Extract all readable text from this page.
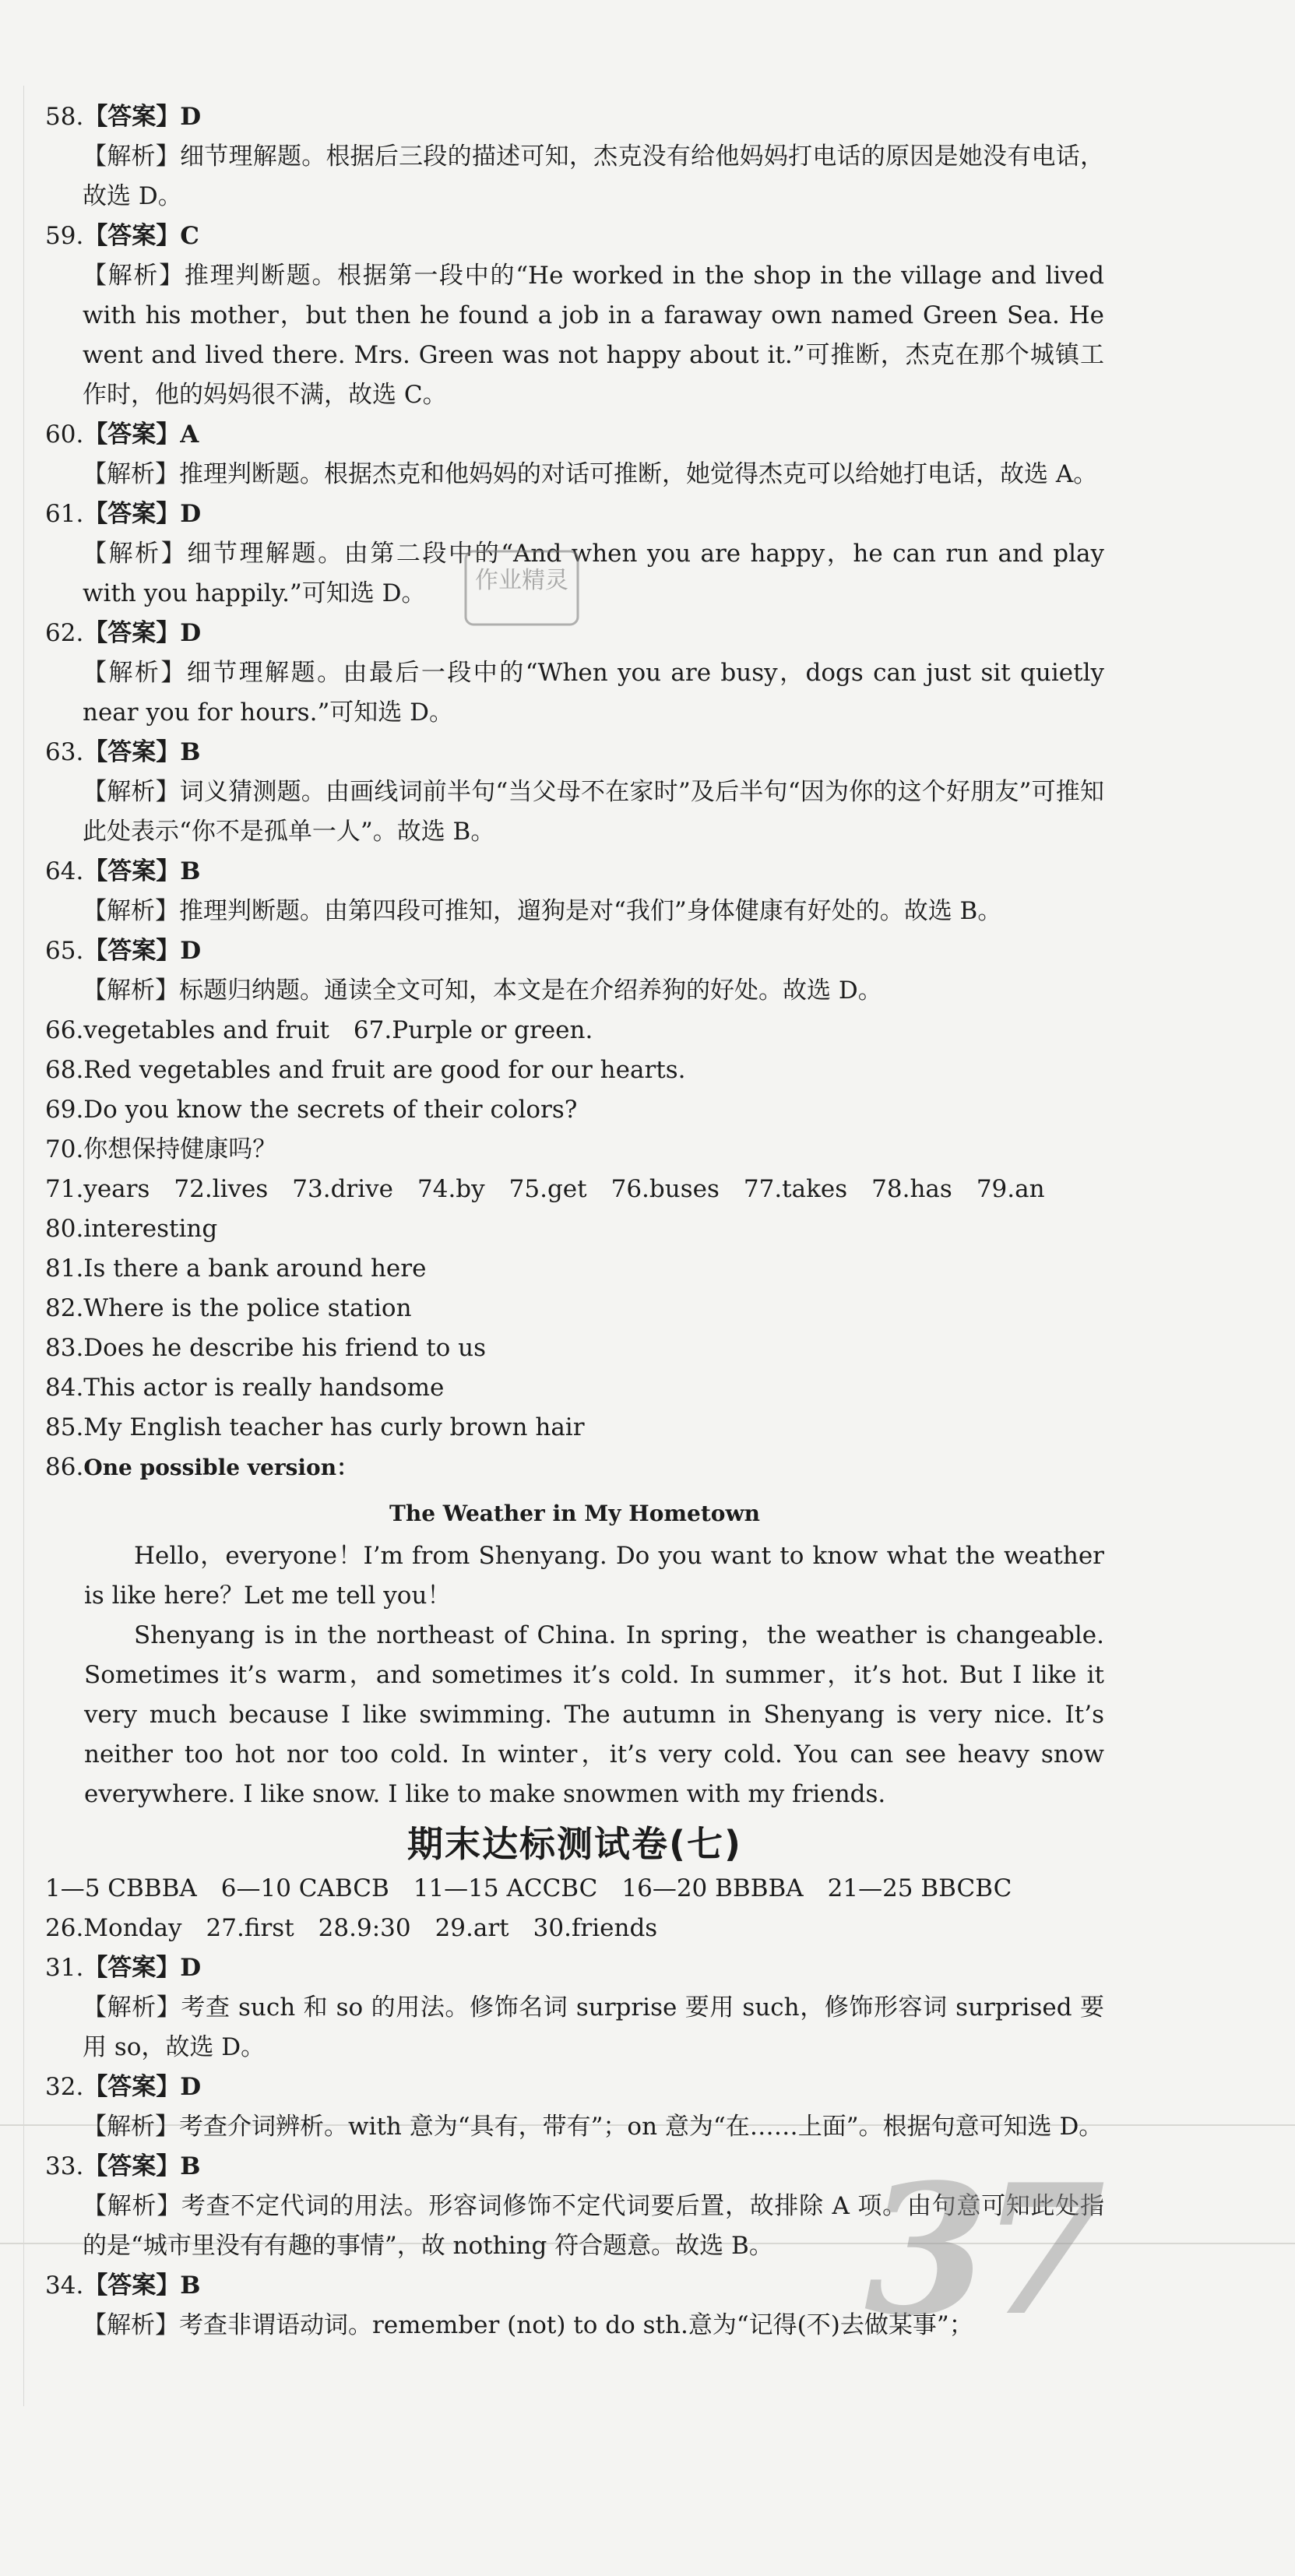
58.【答案】D

【解析】细节理解题。根据后三段的描述可知，杰克没有给他妈妈打电话的原因是她没有电话，故选 D。

59.【答案】C

【解析】推理判断题。根据第一段中的“He worked in the shop in the village and lived with his mother，but then he found a job in a faraway own named Green Sea. He went and lived there. Mrs. Green was not happy about it.”可推断，杰克在那个城镇工作时，他的妈妈很不满，故选 C。

60.【答案】A

【解析】推理判断题。根据杰克和他妈妈的对话可推断，她觉得杰克可以给她打电话，故选 A。

61.【答案】D

【解析】细节理解题。由第二段中的“And when you are happy，he can run and play with you happily.”可知选 D。

62.【答案】D

【解析】细节理解题。由最后一段中的“When you are busy，dogs can just sit quietly near you for hours.”可知选 D。

63.【答案】B

【解析】词义猜测题。由画线词前半句“当父母不在家时”及后半句“因为你的这个好朋友”可推知此处表示“你不是孤单一人”。故选 B。

64.【答案】B

【解析】推理判断题。由第四段可推知，遛狗是对“我们”身体健康有好处的。故选 B。

65.【答案】D

【解析】标题归纳题。通读全文可知，本文是在介绍养狗的好处。故选 D。

66.vegetables and fruit　67.Purple or green.

68.Red vegetables and fruit are good for our hearts.

69.Do you know the secrets of their colors?

70.你想保持健康吗？

71.years　72.lives　73.drive　74.by　75.get　76.buses　77.takes　78.has　79.an

80.interesting

81.Is there a bank around here

82.Where is the police station

83.Does he describe his friend to us

84.This actor is really handsome

85.My English teacher has curly brown hair

86.One possible version：

The Weather in My Hometown

Hello，everyone！I’m from Shenyang. Do you want to know what the weather is like here？Let me tell you！

Shenyang is in the northeast of China. In spring，the weather is changeable. Sometimes it’s warm，and sometimes it’s cold. In summer，it’s hot. But I like it very much because I like swimming. The autumn in Shenyang is very nice. It’s neither too hot nor too cold. In winter，it’s very cold. You can see heavy snow everywhere. I like snow. I like to make snowmen with my friends.

期末达标测试卷(七)

1—5 CBBBA　6—10 CABCB　11—15 ACCBC　16—20 BBBBA　21—25 BBCBC

26.Monday　27.first　28.9:30　29.art　30.friends

31.【答案】D

【解析】考查 such 和 so 的用法。修饰名词 surprise 要用 such，修饰形容词 surprised 要用 so，故选 D。

32.【答案】D

【解析】考查介词辨析。with 意为“具有，带有”；on 意为“在……上面”。根据句意可知选 D。

33.【答案】B

【解析】考查不定代词的用法。形容词修饰不定代词要后置，故排除 A 项。由句意可知此处指的是“城市里没有有趣的事情”，故 nothing 符合题意。故选 B。

34.【答案】B

【解析】考查非谓语动词。remember (not) to do sth.意为“记得(不)去做某事”；

作业精灵
37
